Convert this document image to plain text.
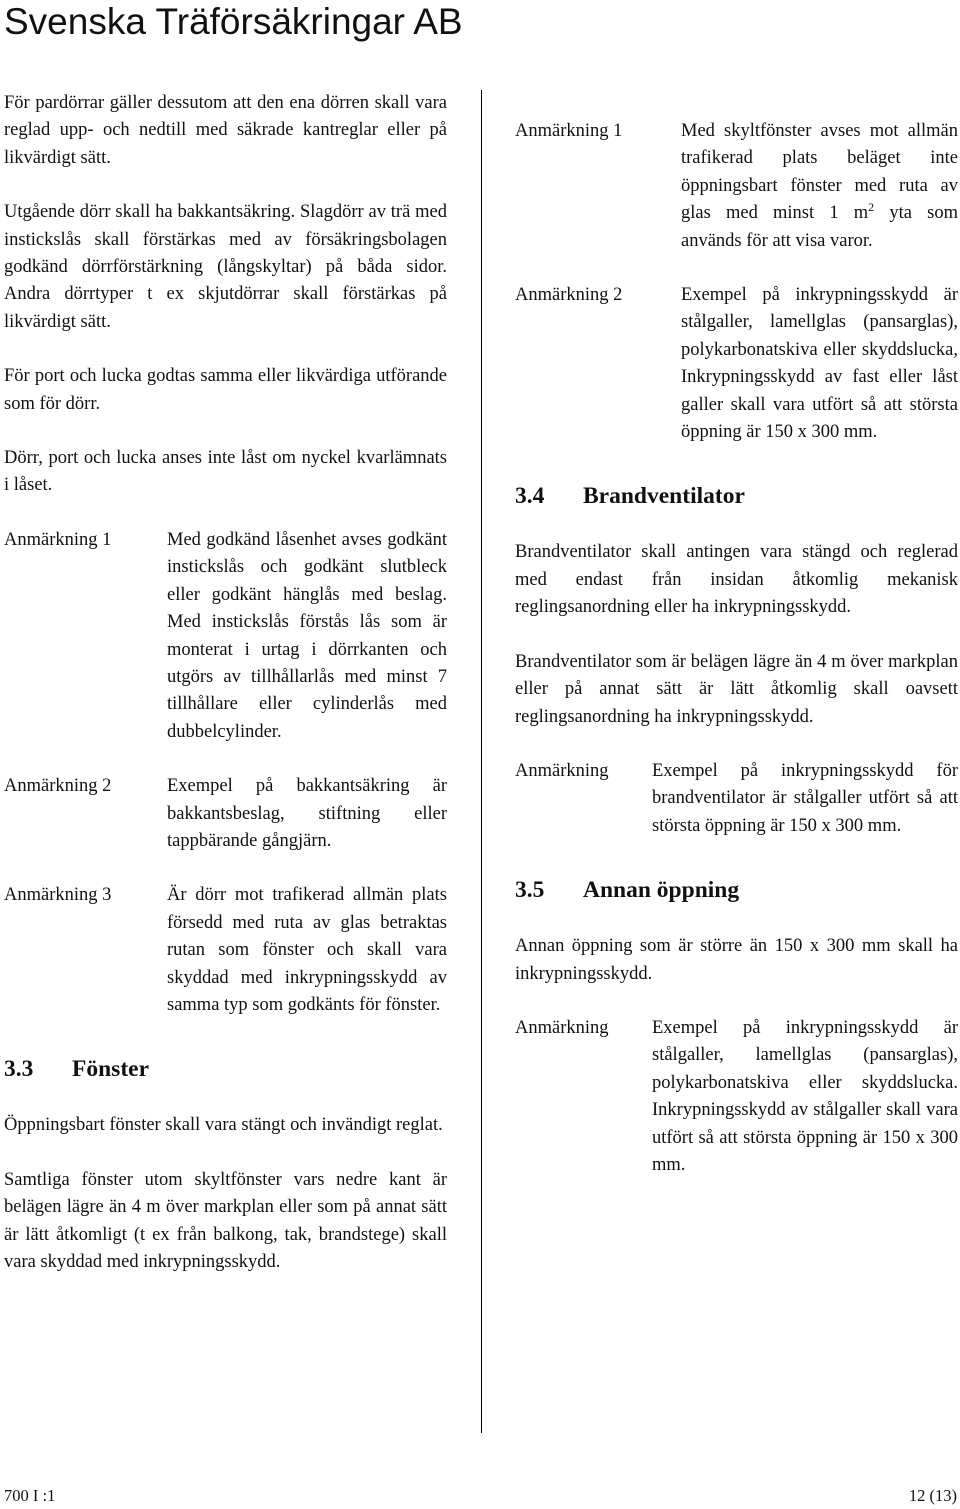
Svenska Träförsäkringar AB

För pardörrar gäller dessutom att den ena dörren skall vara reglad upp- och nedtill med säkrade kantreglar eller på likvärdigt sätt.

Utgående dörr skall ha bakkantsäkring. Slagdörr av trä med instickslås skall förstärkas med av försäkringsbolagen godkänd dörrförstärkning (långskyltar) på båda sidor. Andra dörrtyper t ex skjutdörrar skall förstärkas på likvärdigt sätt.

För port och lucka godtas samma eller likvärdiga utförande som för dörr.

Dörr, port och lucka anses inte låst om nyckel kvarlämnats i låset.

Anmärkning 1	Med godkänd låsenhet avses godkänt instickslås och godkänt slutbleck eller godkänt hänglås med beslag. Med instickslås förstås lås som är monterat i urtag i dörrkanten och utgörs av tillhållarlås med minst 7 tillhållare eller cylinderlås med dubbelcylinder.

Anmärkning 2	Exempel på bakkantsäkring är bakkantsbeslag, stiftning eller tappbärande gångjärn.

Anmärkning 3	Är dörr mot trafikerad allmän plats försedd med ruta av glas betraktas rutan som fönster och skall vara skyddad med inkrypningsskydd av samma typ som godkänts för fönster.

3.3	Fönster

Öppningsbart fönster skall vara stängt och invändigt reglat.

Samtliga fönster utom skyltfönster vars nedre kant är belägen lägre än 4 m över markplan eller som på annat sätt är lätt åtkomligt (t ex från balkong, tak, brandstege) skall vara skyddad med inkrypningsskydd.

Anmärkning 1	Med skyltfönster avses mot allmän trafikerad plats beläget inte öppningsbart fönster med ruta av glas med minst 1 $m^2$ yta som används för att visa varor.

Anmärkning 2	Exempel på inkrypningsskydd är stålgaller, lamellglas (pansarglas), polykarbonatskiva eller skyddslucka, Inkrypningsskydd av fast eller låst galler skall vara utfört så att största öppning är 150 x 300 mm.

3.4	Brandventilator

Brandventilator skall antingen vara stängd och reglerad med endast från insidan åtkomlig mekanisk reglingsanordning eller ha inkrypningsskydd.

Brandventilator som är belägen lägre än 4 m över markplan eller på annat sätt är lätt åtkomlig skall oavsett reglingsanordning ha inkrypningsskydd.

Anmärkning	Exempel på inkrypningsskydd för brandventilator är stålgaller utfört så att största öppning är 150 x 300 mm.

3.5	Annan öppning

Annan öppning som är större än 150 x 300 mm skall ha inkrypningsskydd.

Anmärkning	Exempel på inkrypningsskydd är stålgaller, lamellglas (pansarglas), polykarbonatskiva eller skyddslucka. Inkrypningsskydd av stålgaller skall vara utfört så att största öppning är 150 x 300 mm.

700 I :1	12 (13)
